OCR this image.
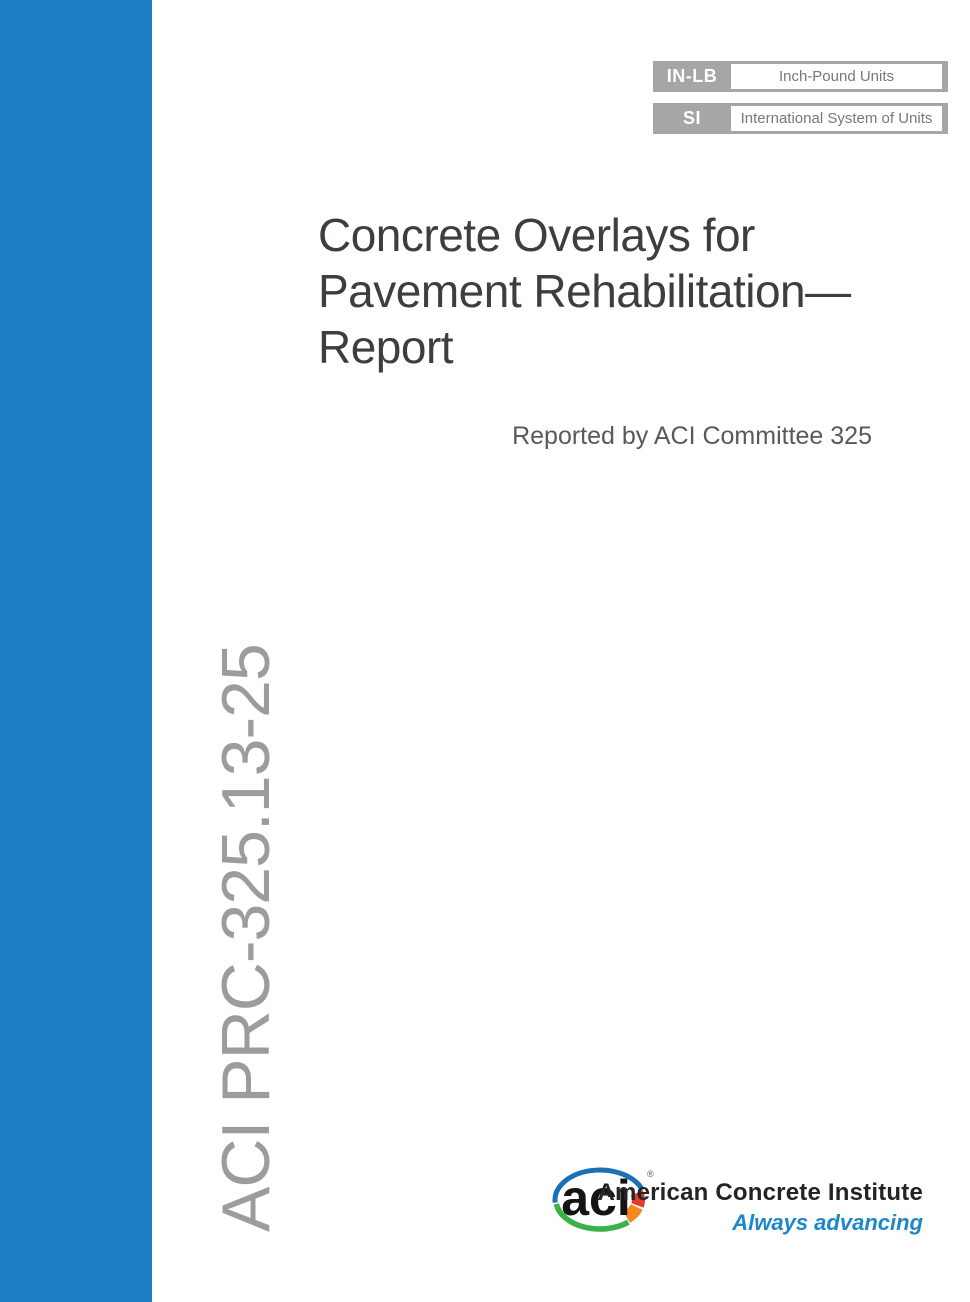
IN-LB	Inch-Pound Units
SI	International System of Units
Concrete Overlays for
Pavement Rehabilitation—
Report
Reported by ACI Committee 325
ACI PRC-325.13-25	aci ®
American Concrete Institute
Always advancing
